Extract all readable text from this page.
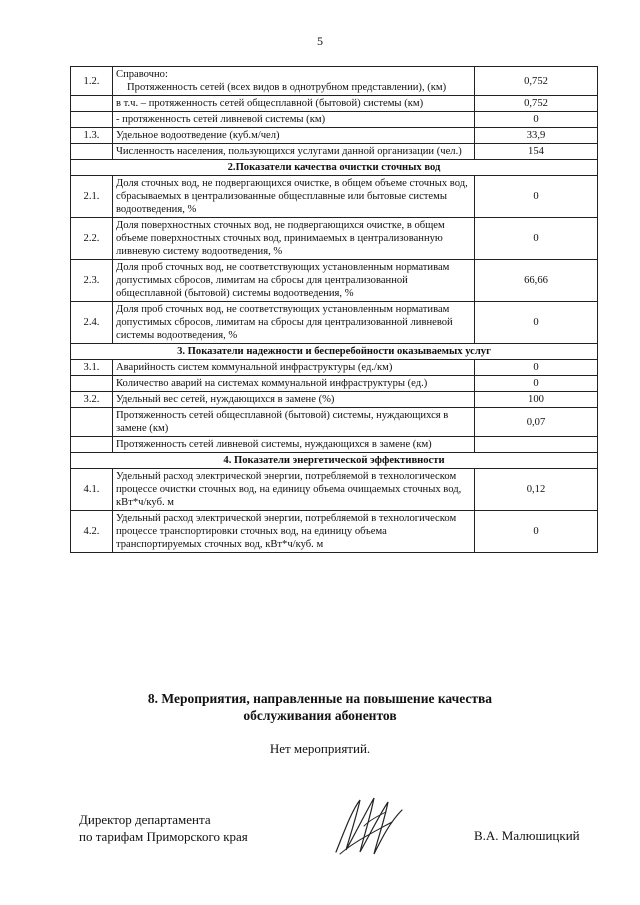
5
1.2.	Справочно:
Протяженность сетей (всех видов в однотрубном представлении), (км)	0,752
	в т.ч. – протяженность сетей общесплавной (бытовой) системы (км)	0,752
	- протяженность сетей ливневой системы (км)	0
1.3.	Удельное водоотведение (куб.м/чел)	33,9
	Численность населения, пользующихся услугами данной организации (чел.)	154
2.Показатели качества очистки сточных вод		
2.1.	Доля сточных вод, не подвергающихся очистке, в общем объеме сточных вод, сбрасываемых в централизованные общесплавные или бытовые системы водоотведения, %	0
2.2.	Доля поверхностных сточных вод, не подвергающихся очистке, в общем объеме поверхностных сточных вод, принимаемых в централизованную ливневую систему водоотведения, %	0
2.3.	Доля проб сточных вод, не соответствующих установленным нормативам допустимых сбросов, лимитам на сбросы для централизованной общесплавной (бытовой) системы водоотведения, %	66,66
2.4.	Доля проб сточных вод, не соответствующих установленным нормативам допустимых сбросов, лимитам на сбросы для централизованной ливневой системы водоотведения, %	0
3. Показатели надежности и бесперебойности оказываемых услуг		
3.1.	Аварийность систем коммунальной инфраструктуры (ед./км)	0
	Количество аварий на системах коммунальной инфраструктуры (ед.)	0
3.2.	Удельный вес сетей, нуждающихся в замене (%)	100
	Протяженность сетей общесплавной (бытовой) системы, нуждающихся в замене (км)	0,07
	Протяженность сетей ливневой системы, нуждающихся в замене (км)	
4. Показатели энергетической эффективности		
4.1.	Удельный расход электрической энергии, потребляемой в технологическом процессе очистки сточных вод, на единицу объема очищаемых сточных вод, кВт*ч/куб. м	0,12
4.2.	Удельный расход электрической энергии, потребляемой в технологическом процессе транспортировки сточных вод, на единицу объема транспортируемых сточных вод, кВт*ч/куб. м	0
8. Мероприятия, направленные на повышение качества
обслуживания абонентов
Нет мероприятий.
Директор департамента
по тарифам Приморского края	В.А. Малюшицкий
